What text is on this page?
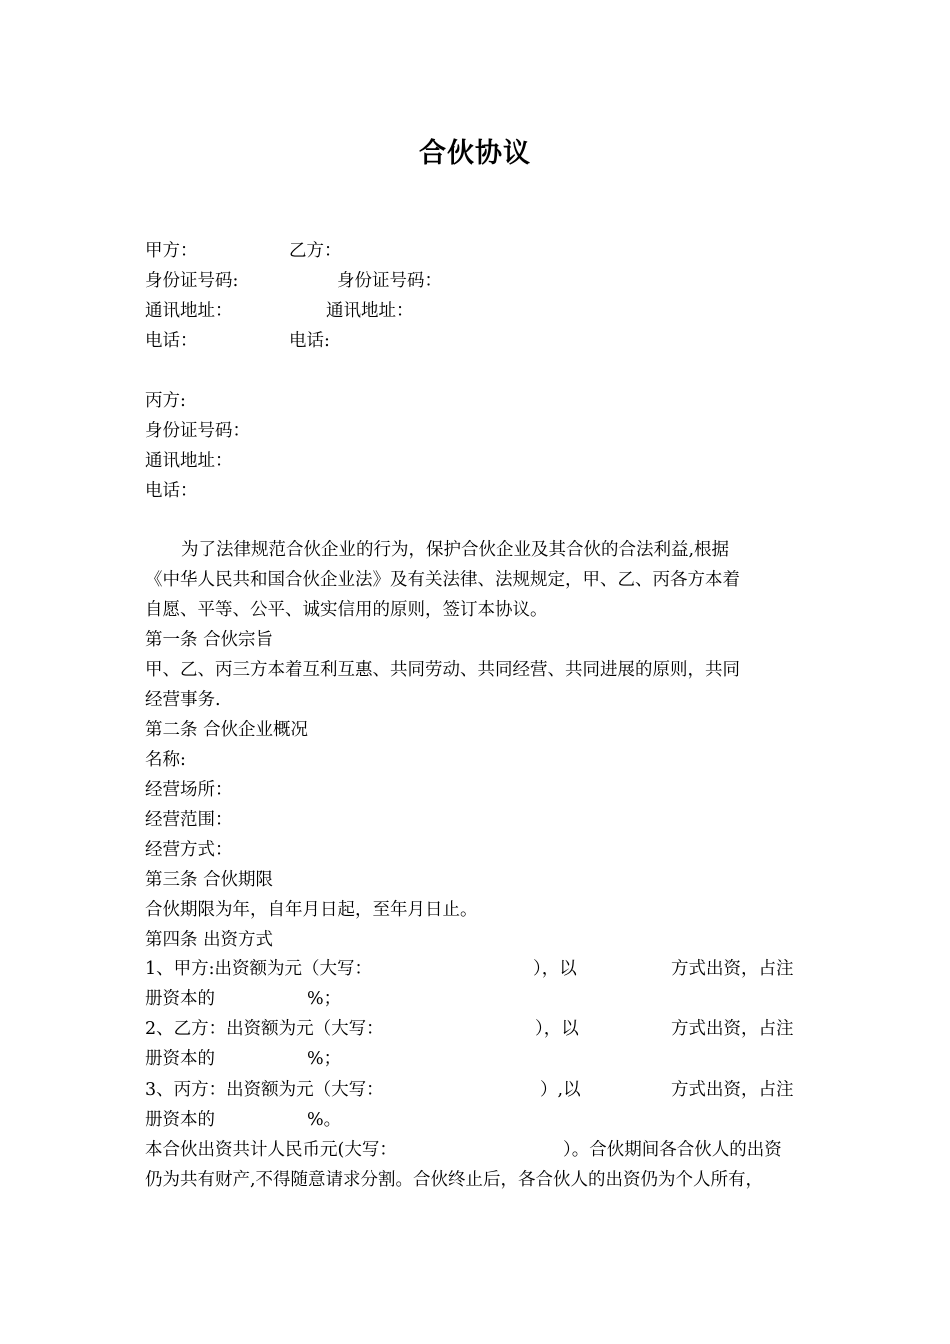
合伙协议
甲方：	乙方：
身份证号码:	身份证号码：
通讯地址：	通讯地址：
电话：	电话:
丙方:
身份证号码：
通讯地址：
电话：
为了法律规范合伙企业的行为，保护合伙企业及其合伙的合法利益,根据
《中华人民共和国合伙企业法》及有关法律、法规规定，甲、乙、丙各方本着
自愿、平等、公平、诚实信用的原则，签订本协议。
第一条 合伙宗旨
甲、乙、丙三方本着互利互惠、共同劳动、共同经营、共同进展的原则，共同
经营事务.
第二条 合伙企业概况
名称:
经营场所：
经营范围：
经营方式：
第三条 合伙期限
合伙期限为年，自年月日起，至年月日止。
第四条 出资方式
1、甲方:出资额为元（大写：	），以	方式出资，占注
册资本的	%；
2、乙方：出资额为元（大写：	），以	方式出资，占注
册资本的	%；
3、丙方：出资额为元（大写：	）,以	方式出资，占注
册资本的	%。
本合伙出资共计人民币元(大写：	）。合伙期间各合伙人的出资
仍为共有财产,不得随意请求分割。合伙终止后，各合伙人的出资仍为个人所有，
